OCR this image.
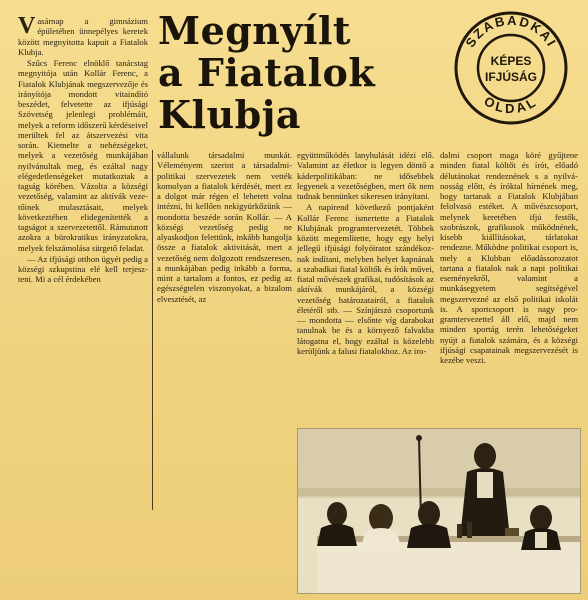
Vasárnap a gimnázium épületében ünnepélyes keretek között megnyitotta kapuit a Fiatalok Klubja.

Szűcs Ferenc elnöklő tanácstag megnyitója után Kollár Ferenc, a Fiatalok Klubjának megszervezője és irányítója mondott vitaindító beszédet, felvetette az ifjúsági Szövetség jelenlegi problémáit, melyek a reform időszerű kérdéseivel merültek fel az átszervezési vita során. Kiemelte a nehézségeket, melyek a vezetőség munkájában nyilvánultak meg, és ezáltal nagy elégedetlenségeket mutatkoztak a tagság körében. Vázolta a községi vezetőség, valamint az aktívák vezetőinek mulasztásait, melyek következtében elidegenítették a tagságot a szervezetettől. Rámutatott azokra a bürokratikus irányzatokra, melyek felszámolása sürgető feladat.

— Az ifjúsági otthon ügyét pedig a községi szkupstina elé kell terjeszteni. Mi a cél érdekében

Megnyílt
a Fiatalok
Klubja
SZABADKAI
OLDAL
KÉPES
IFJÚSÁG

vállalunk társadalmi munkát. Véleményem szerint a társadalmi-politikai szervezetek nem vették komolyan a fiatalok kérdését, mert ez a dolgot már régen el lehetett volna intézni, hi kellően nekigyürkőzünk — mondotta beszéde során Kollár. — A községi vezetőség pedig ne alyaskodjon felettünk, inkább hangolja össze a fiatalok aktivitását, mert a vezetőség nem dolgozott rendszeresen, a munkájában pedig inkább a forma, mint a tartalom a fontos, ez pedig az egészségtelen viszonyokat, a bizalom elvesztését, az

együttműködés lanyhulását idézi elő. Valamint az életkor is legyen döntő a káderpolitikában: ne idősebbek legyenek a vezetőségben, mert ők nem tudnak bennünket sikeresen irányítani.

A napirend következő pontjaként Kollár Ferenc ismertette a Fiatalok Klubjának programtervezetét. Többek között megemlítette, hogy egy helyi jellegű ifjúsági folyóiratot szándékoznak indítani, melyben helyet kapnának a szabadkai fiatal költők és írók művei, fiatal művészek grafikai, tudósítások az aktívák munkájáról, a községi vezetőség határozatairól, a fiatalok életéről stb. — Színjátszó csoportunk — mondotta — elsőnte víg darabokat tanulnak be és a környező falvakba látogatna el, hogy ezáltal is közelebb kerüljünk a falusi fiatalokhoz. Az iro-

dalmi csoport maga köré gyűjtene minden fiatal költőt és írót, előadó délutánokat rendeznének s a nyilvánosság előtt, és íróktal hírnének meg, hogy tartanak a Fiatalok Klubjában felolvasó estéket. A művészcsoport, melynek keretében ifjú festők, szobrászok, grafikusok működnének, kisebb kiállításokat, tárlatokat rendezne. Működne politikai csoport is, mely a Klubban előadássorozatot tartana a fiatalok nak a napi politikai eseményekről, valamint a munkásegyetem segítségével megszervezné az első politikai iskolát is. A sportcsoport is nagy programtervezettel áll elő, majd nem minden sportág terén lehetőségeket nyújt a fiatalok számára, és a községi ifjúsági csapatainak megszervezését is kezébe veszi.
